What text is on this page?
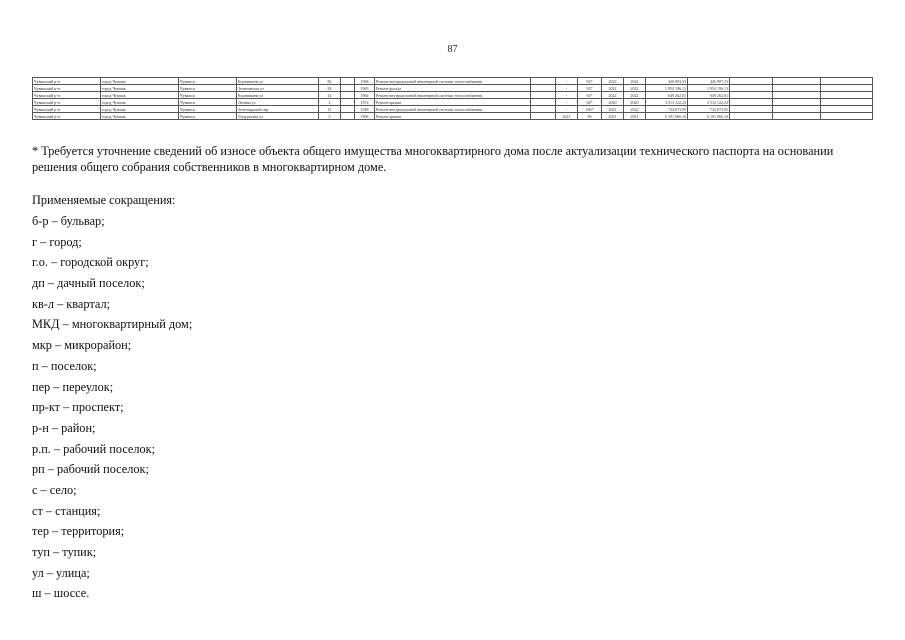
87
Чувашский р-н	город Чувашк	Чувашск	Корзинкина ул	82		1968	Ремонт внутридомовой инженерной системы теплоснабжения		-	927	2022	2022	426 993,33	426 997,33			
Чувашский р-н	город Чувашк	Чувашск	Зеленовская ул	82		1965	Ремонт фасада		-	927	2022	2022	1 954 196,13	1 954 196,13			
Чувашский р-н	город Чувашк	Чувашск	Корзинкина ул	44		1964	Ремонт внутридомовой инженерной системы теплоснабжения		-	92*	2022	2022	649 262,01	649 262,01			
Чувашский р-н	город Чувашк	Чувашск	Ленина ул	2		1974	Ремонт крыши		-	64*	2020	2020	3 513 122,23	3 512 122,23			
Чувашский р-н	город Чувашк	Чувашск	Зеленоярский пер	11		1948	Ремонт внутридомовой инженерной системы теплоснабжения		-	166*	2022	2022	734 073,95	734 073,95			
Чувашский р-н	город Чувашк	Чувашск	Ундуриская ул	2		1996	Ремонт крыши		2021	96	2021	2021	6 191 066,10	6 191 066,10			
* Требуется уточнение сведений об износе объекта общего имущества многоквартирного дома после актуализации технического паспорта на основании решения общего собрания собственников в многоквартирном доме.
Применяемые сокращения:
б-р – бульвар;
г – город;
г.о. – городской округ;
дп – дачный поселок;
кв-л – квартал;
МКД – многоквартирный дом;
мкр – микрорайон;
п – поселок;
пер – переулок;
пр-кт – проспект;
р-н – район;
р.п. – рабочий поселок;
рп – рабочий поселок;
с – село;
ст – станция;
тер – территория;
туп – тупик;
ул – улица;
ш – шоссе.
